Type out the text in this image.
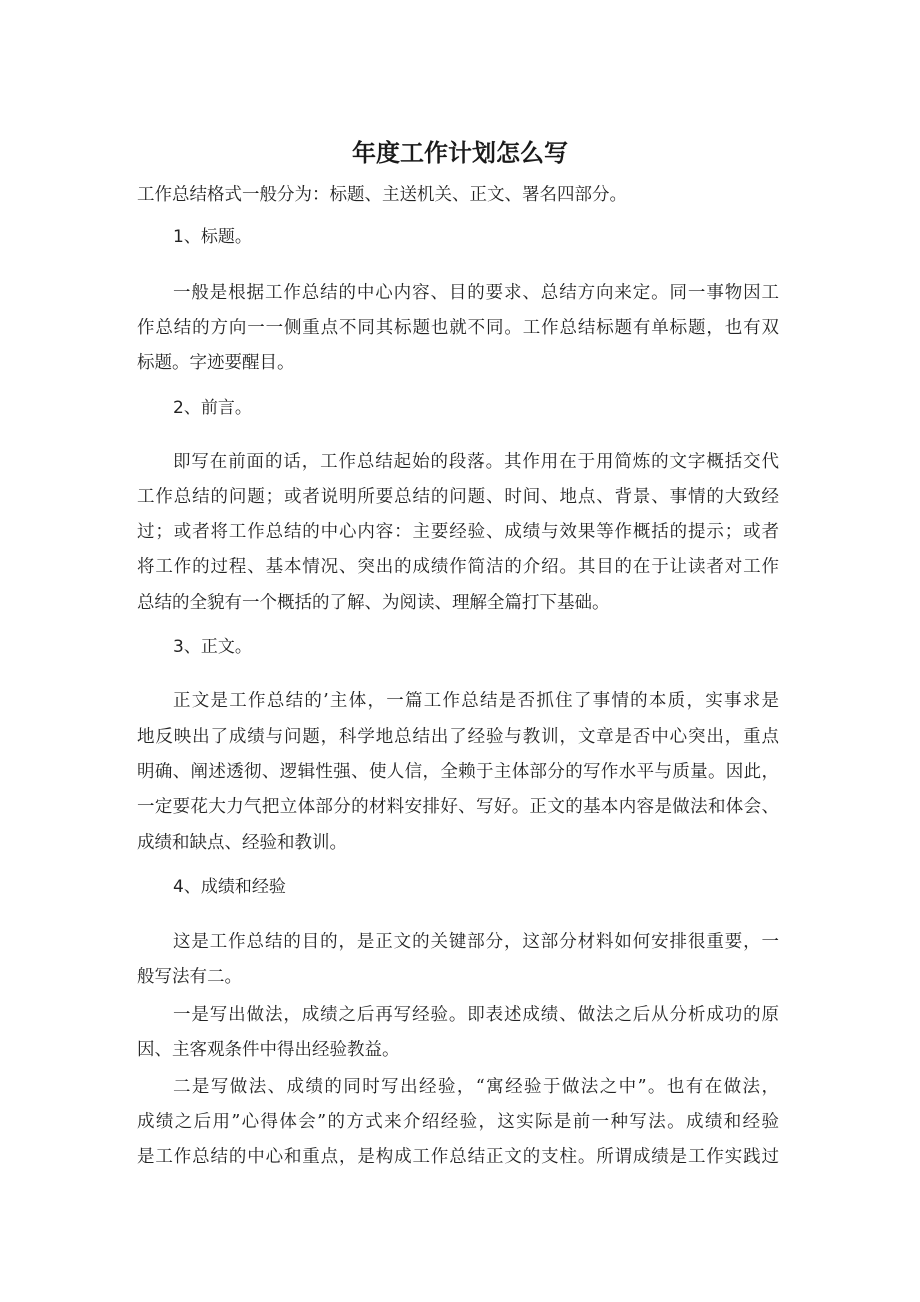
年度工作计划怎么写
工作总结格式一般分为：标题、主送机关、正文、署名四部分。
1、标题。
一般是根据工作总结的中心内容、目的要求、总结方向来定。同一事物因工
作总结的方向一一侧重点不同其标题也就不同。工作总结标题有单标题，也有双
标题。字迹要醒目。
2、前言。
即写在前面的话，工作总结起始的段落。其作用在于用简炼的文字概括交代
工作总结的问题；或者说明所要总结的问题、时间、地点、背景、事情的大致经
过；或者将工作总结的中心内容：主要经验、成绩与效果等作概括的提示；或者
将工作的过程、基本情况、突出的成绩作简洁的介绍。其目的在于让读者对工作
总结的全貌有一个概括的了解、为阅读、理解全篇打下基础。
3、正文。
正文是工作总结的’主体，一篇工作总结是否抓住了事情的本质，实事求是
地反映出了成绩与问题，科学地总结出了经验与教训，文章是否中心突出，重点
明确、阐述透彻、逻辑性强、使人信，全赖于主体部分的写作水平与质量。因此，
一定要花大力气把立体部分的材料安排好、写好。正文的基本内容是做法和体会、
成绩和缺点、经验和教训。
4、成绩和经验
这是工作总结的目的，是正文的关键部分，这部分材料如何安排很重要，一
般写法有二。
一是写出做法，成绩之后再写经验。即表述成绩、做法之后从分析成功的原
因、主客观条件中得出经验教益。
二是写做法、成绩的同时写出经验，“寓经验于做法之中”。也有在做法，
成绩之后用”心得体会”的方式来介绍经验，这实际是前一种写法。成绩和经验
是工作总结的中心和重点，是构成工作总结正文的支柱。所谓成绩是工作实践过
